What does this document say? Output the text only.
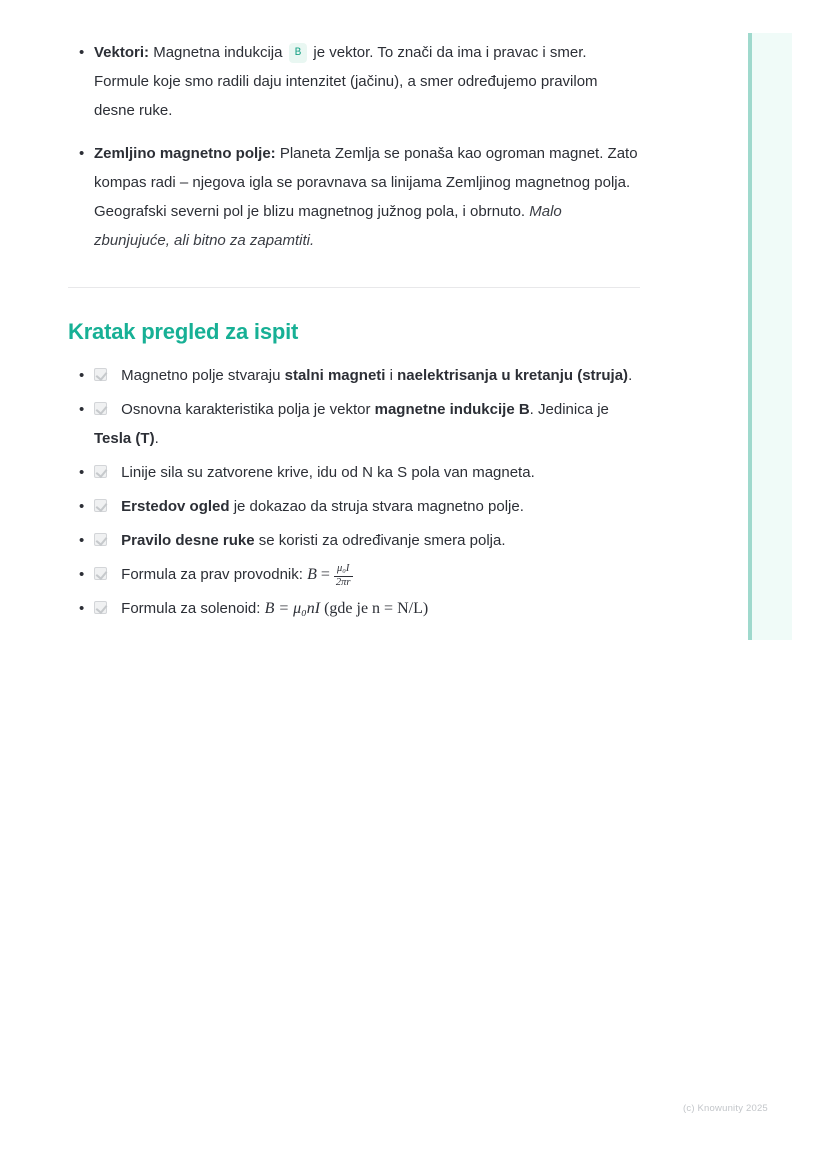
• Vektori: Magnetna indukcija B je vektor. To znači da ima i pravac i smer. Formule koje smo radili daju intenzitet (jačinu), a smer određujemo pravilom desne ruke.
• Zemljino magnetno polje: Planeta Zemlja se ponaša kao ogroman magnet. Zato kompas radi – njegova igla se poravnava sa linijama Zemljinog magnetnog polja. Geografski severni pol je blizu magnetnog južnog pola, i obrnuto. Malo zbunjujuće, ali bitno za zapamtiti.
Kratak pregled za ispit
• Magnetno polje stvaraju stalni magneti i naelektrisanja u kretanju (struja).
• Osnovna karakteristika polja je vektor magnetne indukcije B. Jedinica je Tesla (T).
• Linije sila su zatvorene krive, idu od N ka S pola van magneta.
• Erstedov ogled je dokazao da struja stvara magnetno polje.
• Pravilo desne ruke se koristi za određivanje smera polja.
• Formula za prav provodnik: $B = \frac{\text{μ₀I}}{2\pi r}$
• Formula za solenoid: B = μ₀nI (gde je n = N/L)
(c) Knowunity 2025
